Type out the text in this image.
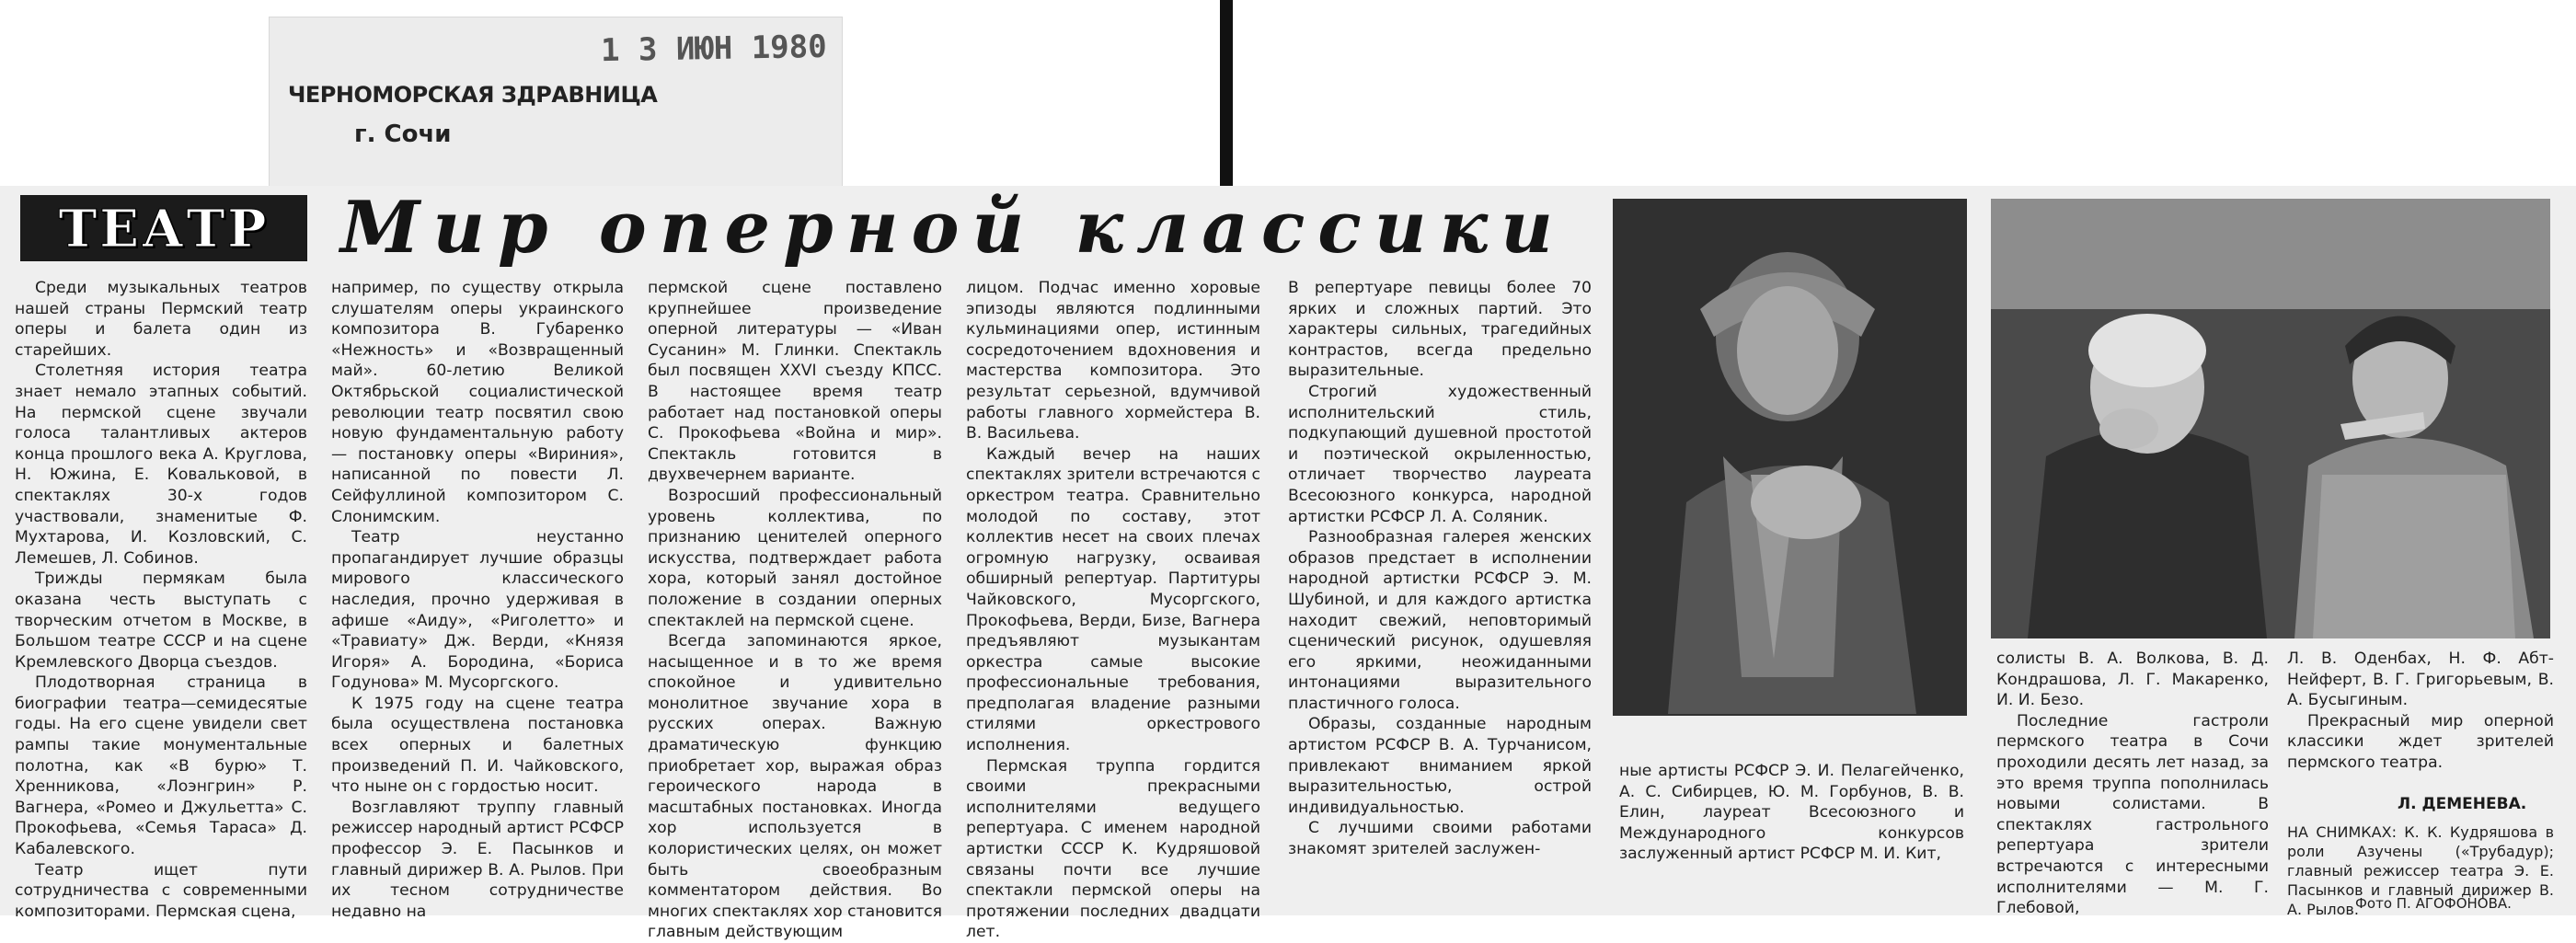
1 3 ИЮН 1980
ЧЕРНОМОРСКАЯ ЗДРАВНИЦА
г. Сочи
ТЕАТР Мир оперной классики

Среди музыкальных театров нашей страны Пермский театр оперы и балета один из старейших.

Столетняя история театра знает немало этапных событий. На пермской сцене звучали голоса талантливых актеров конца прошлого века А. Круглова, Н. Южина, Е. Ковальковой, в спектаклях 30-х годов участвовали, знаменитые Ф. Мухтарова, И. Козловский, С. Лемешев, Л. Собинов.

Трижды пермякам была оказана честь выступать с творческим отчетом в Москве, в Большом театре СССР и на сцене Кремлевского Дворца съездов.

Плодотворная страница в биографии театра—семидесятые годы. На его сцене увидели свет рампы такие монументальные полотна, как «В бурю» Т. Хренникова, «Лоэнгрин» Р. Вагнера, «Ромео и Джульетта» С. Прокофьева, «Семья Тараса» Д. Кабалевского.

Театр ищет пути сотрудничества с современными композиторами. Пермская сцена,

например, по существу открыла слушателям оперы украинского композитора В. Губаренко «Нежность» и «Возвращенный май». 60-летию Великой Октябрьской социалистической революции театр посвятил свою новую фундаментальную работу — постановку оперы «Вириния», написанной по повести Л. Сейфуллиной композитором С. Слонимским.

Театр неустанно пропагандирует лучшие образцы мирового классического наследия, прочно удерживая в афише «Аиду», «Риголетто» и «Травиату» Дж. Верди, «Князя Игоря» А. Бородина, «Бориса Годунова» М. Мусоргского.

К 1975 году на сцене театра была осуществлена постановка всех оперных и балетных произведений П. И. Чайковского, что ныне он с гордостью носит.

Возглавляют труппу главный режиссер народный артист РСФСР профессор Э. Е. Пасынков и главный дирижер В. А. Рылов. При их тесном сотрудничестве недавно на

пермской сцене поставлено крупнейшее произведение оперной литературы — «Иван Сусанин» М. Глинки. Спектакль был посвящен XXVI съезду КПСС. В настоящее время театр работает над постановкой оперы С. Прокофьева «Война и мир». Спектакль готовится в двухвечернем варианте.

Возросший профессиональный уровень коллектива, по признанию ценителей оперного искусства, подтверждает работа хора, который занял достойное положение в создании оперных спектаклей на пермской сцене.

Всегда запоминаются яркое, насыщенное и в то же время спокойное и удивительно монолитное звучание хора в русских операх. Важную драматическую функцию приобретает хор, выражая образ героического народа в масштабных постановках. Иногда хор используется в колористических целях, он может быть своеобразным комментатором действия. Во многих спектаклях хор становится главным действующим

лицом. Подчас именно хоровые эпизоды являются подлинными кульминациями опер, истинным сосредоточением вдохновения и мастерства композитора. Это результат серьезной, вдумчивой работы главного хормейстера В. В. Васильева.

Каждый вечер на наших спектаклях зрители встречаются с оркестром театра. Сравнительно молодой по составу, этот коллектив несет на своих плечах огромную нагрузку, осваивая обширный репертуар. Партитуры Чайковского, Мусоргского, Прокофьева, Верди, Бизе, Вагнера предъявляют музыкантам оркестра самые высокие профессиональные требования, предполагая владение разными стилями оркестрового исполнения.

Пермская труппа гордится своими прекрасными исполнителями ведущего репертуара. С именем народной артистки СССР К. Кудряшовой связаны почти все лучшие спектакли пермской оперы на протяжении последних двадцати лет.

В репертуаре певицы более 70 ярких и сложных партий. Это характеры сильных, трагедийных контрастов, всегда предельно выразительные.

Строгий художественный исполнительский стиль, подкупающий душевной простотой и поэтической окрыленностью, отличает творчество лауреата Всесоюзного конкурса, народной артистки РСФСР Л. А. Соляник.

Разнообразная галерея женских образов предстает в исполнении народной артистки РСФСР Э. М. Шубиной, и для каждого артистка находит свежий, неповторимый сценический рисунок, одушевляя его яркими, неожиданными интонациями выразительного пластичного голоса.

Образы, созданные народным артистом РСФСР В. А. Турчанисом, привлекают вниманием яркой выразительностью, острой индивидуальностью.

С лучшими своими работами знакомят зрителей заслужен-

ные артисты РСФСР Э. И. Пелагейченко, А. С. Сибирцев, Ю. М. Горбунов, В. В. Елин, лауреат Всесоюзного и Международного конкурсов заслуженный артист РСФСР М. И. Кит,

солисты В. А. Волкова, В. Д. Кондрашова, Л. Г. Макаренко, И. И. Безо.

Последние гастроли пермского театра в Сочи проходили десять лет назад, за это время труппа пополнилась новыми солистами. В спектаклях гастрольного репертуара зрители встречаются с интересными исполнителями — М. Г. Глебовой,

Л. В. Оденбах, Н. Ф. Абт-Нейферт, В. Г. Григорьевым, В. А. Бусыгиным.

Прекрасный мир оперной классики ждет зрителей пермского театра.

Л. ДЕМЕНЕВА.
НА СНИМКАХ: К. К. Кудряшова в роли Азучены («Трубадур); главный режиссер театра Э. Е. Пасынков и главный дирижер В. А. Рылов.
Фото П. АГОФОНОВА.
